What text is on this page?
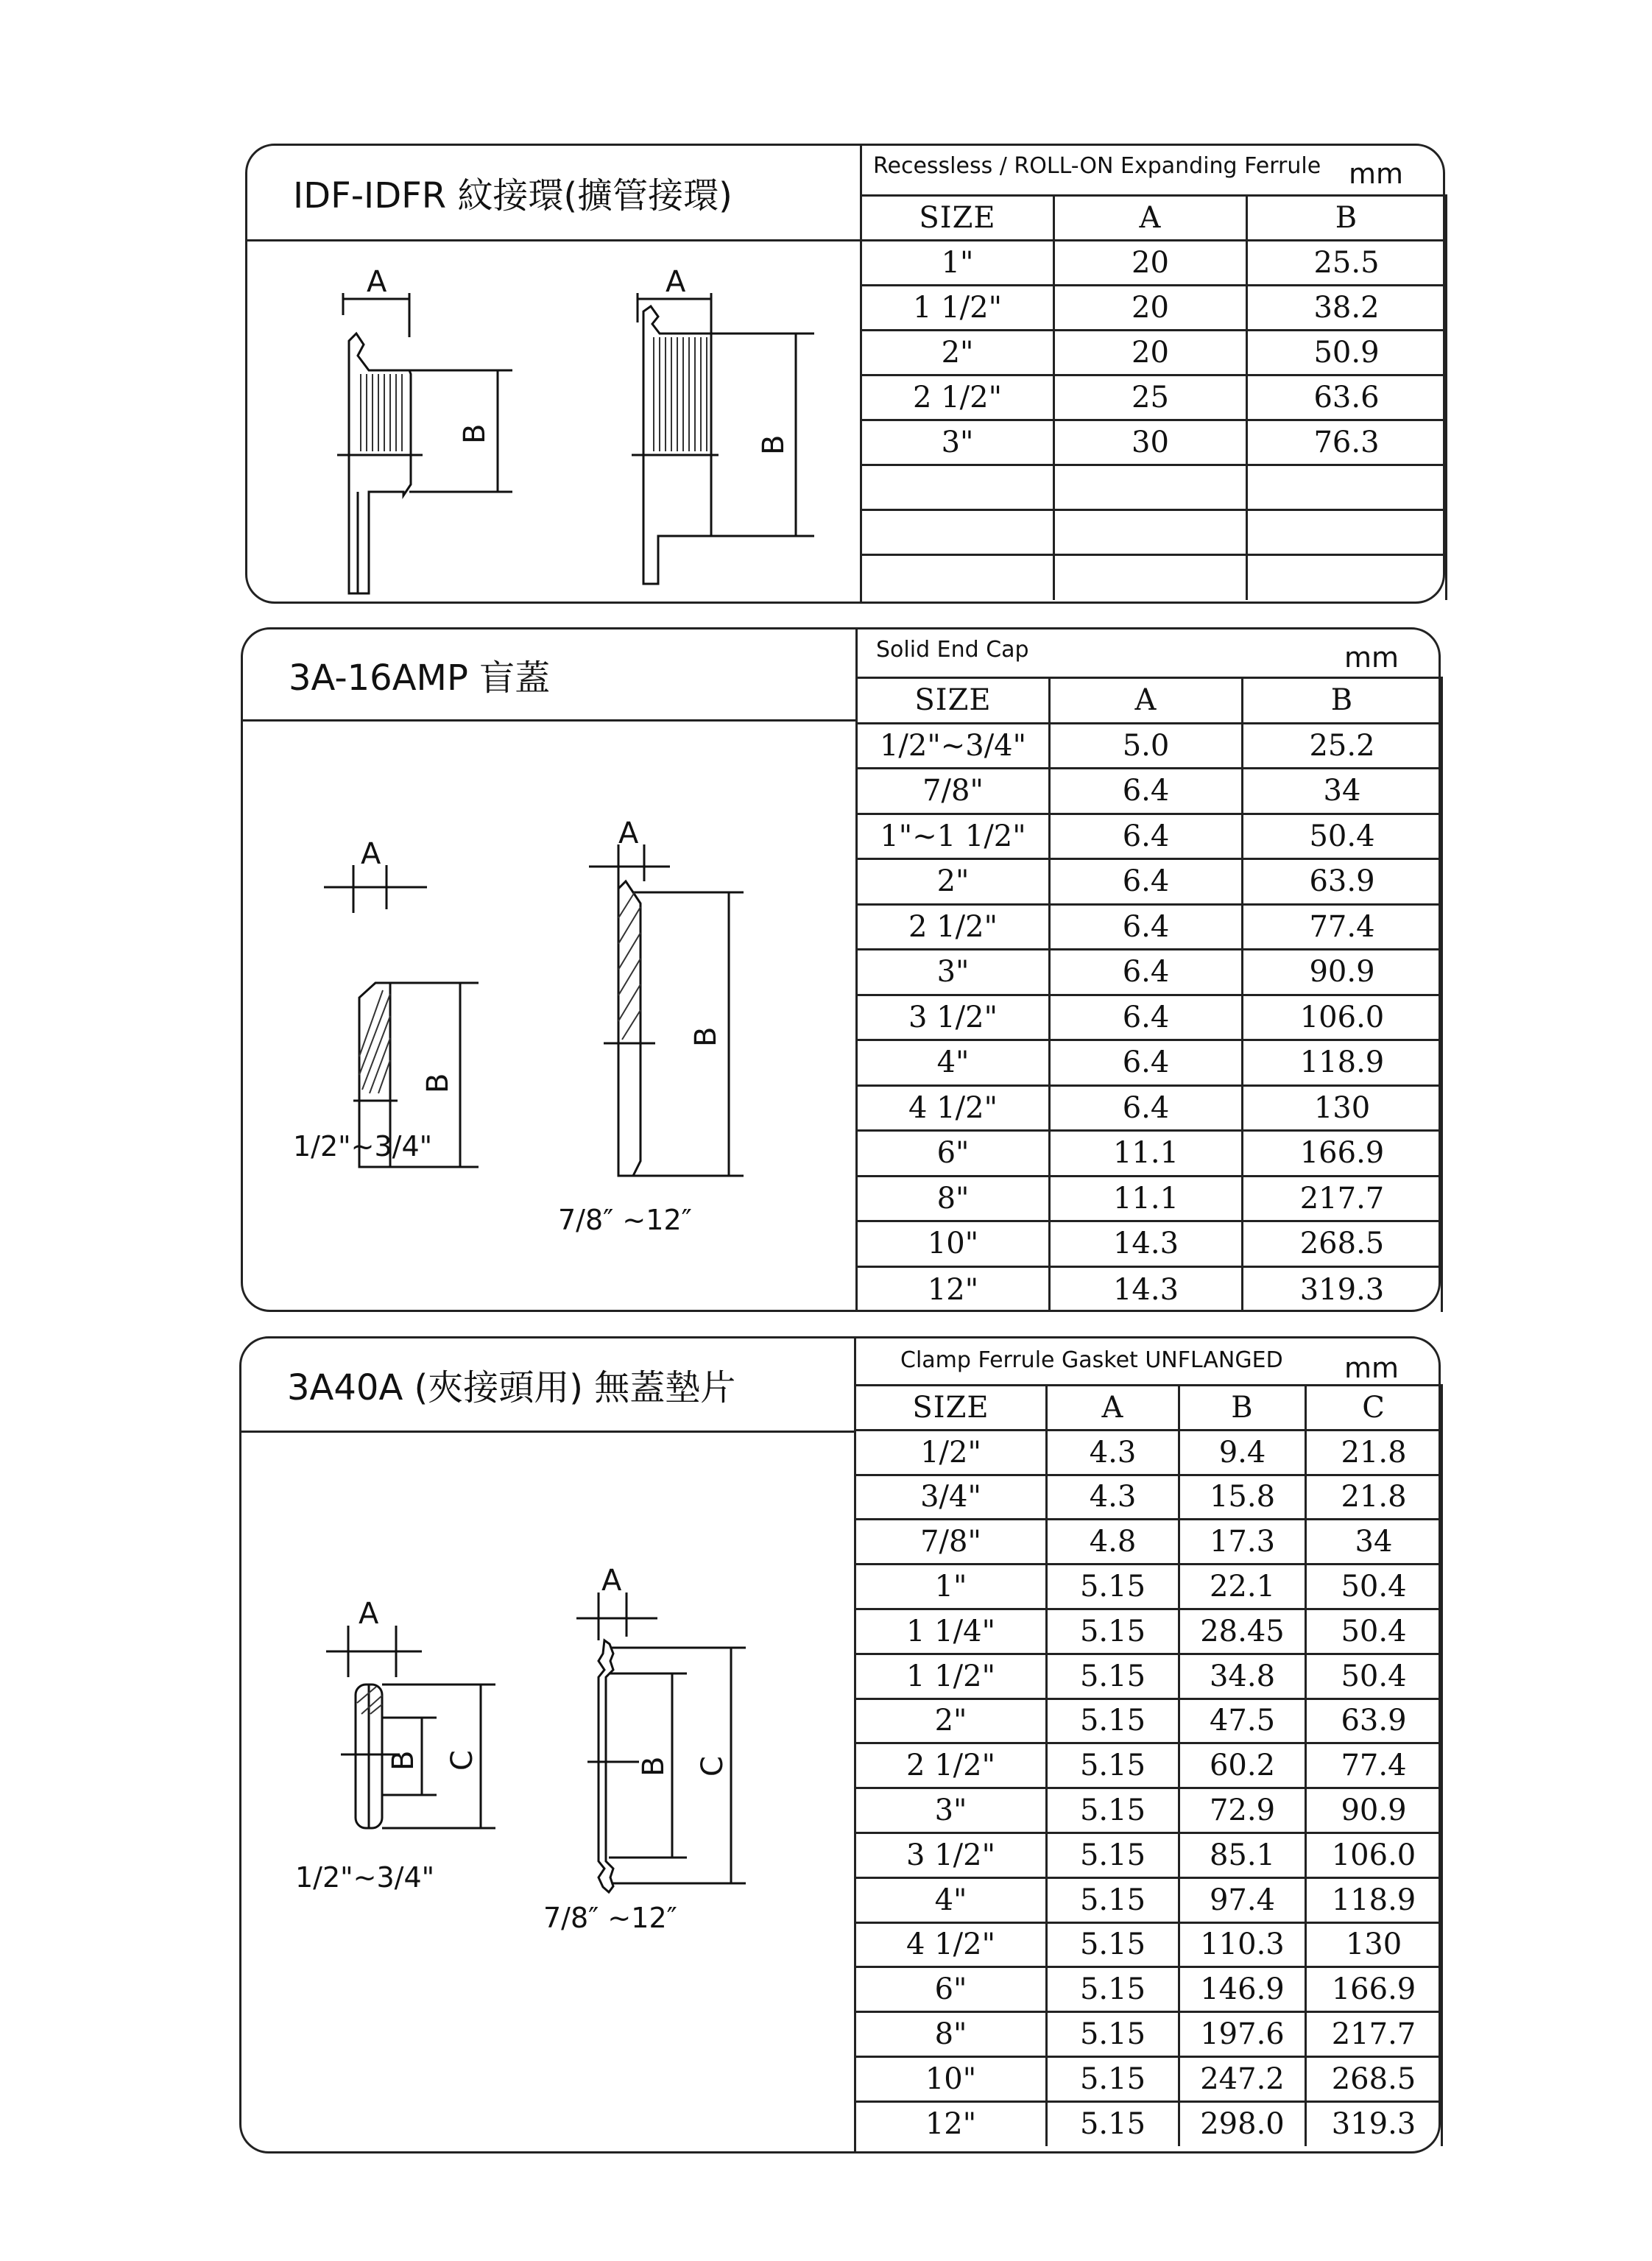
IDF-IDFR 紋接環(擴管接環)
Recessless / ROLL-ON Expanding Ferrule mm
SIZE	A	B
1"	20	25.5
1 1/2"	20	38.2
2"	20	50.9
2 1/2"	25	63.6
3"	30	76.3

A
B
A
B
3A-16AMP 盲蓋
Solid End Cap	mm
SIZE	A	B
1/2"~3/4"	5.0	25.2
7/8"	6.4	34
1"~1 1/2"	6.4	50.4
2"	6.4	63.9
2 1/2"	6.4	77.4
3"	6.4	90.9
3 1/2"	6.4	106.0
4"	6.4	118.9
4 1/2"	6.4	130
6"	11.1	166.9
8"	11.1	217.7
10"	14.3	268.5
12"	14.3	319.3
A
B
1/2"~3/4"
A
B
7/8″ ~12″
3A40A (夾接頭用) 無蓋墊片
Clamp Ferrule Gasket UNFLANGED mm
SIZE	A	B	C
1/2"	4.3	9.4	21.8
3/4"	4.3	15.8	21.8
7/8"	4.8	17.3	34
1"	5.15	22.1	50.4
1 1/4"	5.15	28.45	50.4
1 1/2"	5.15	34.8	50.4
2"	5.15	47.5	63.9
2 1/2"	5.15	60.2	77.4
3"	5.15	72.9	90.9
3 1/2"	5.15	85.1	106.0
4"	5.15	97.4	118.9
4 1/2"	5.15	110.3	130
6"	5.15	146.9	166.9
8"	5.15	197.6	217.7
10"	5.15	247.2	268.5
12"	5.15	298.0	319.3
A
B C
1/2"~3/4"
A
B C
7/8″ ~12″
